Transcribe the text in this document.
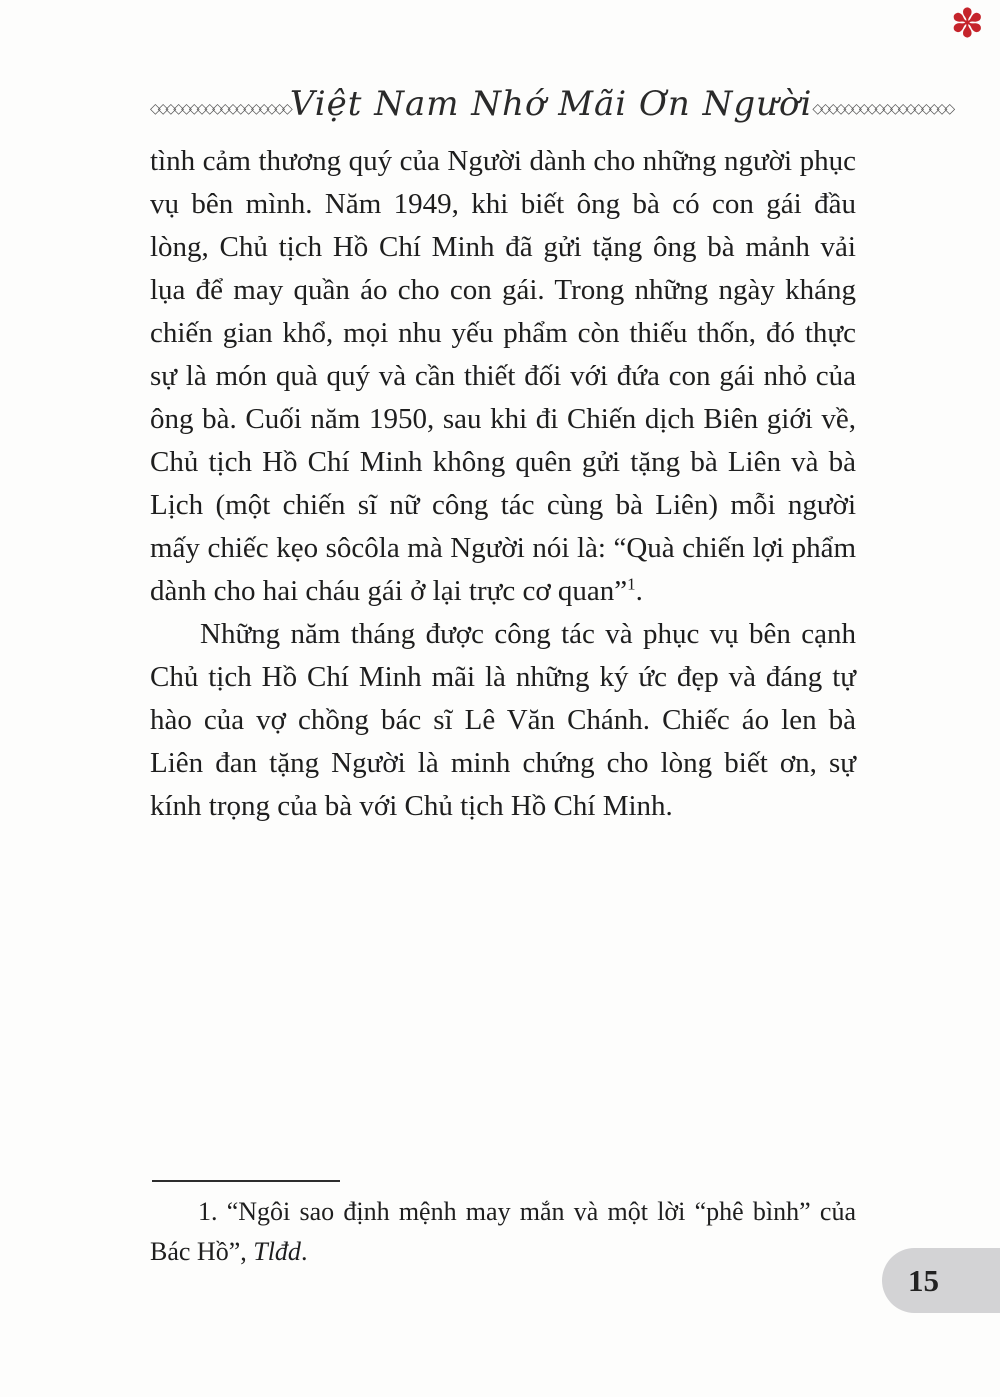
✽
◇◇◇◇◇◇◇◇◇◇◇◇◇◇◇◇◇◇ Việt Nam Nhớ Mãi Ơn Người ◇◇◇◇◇◇◇◇◇◇◇◇◇◇◇◇◇◇

tình cảm thương quý của Người dành cho những người phục vụ bên mình. Năm 1949, khi biết ông bà có con gái đầu lòng, Chủ tịch Hồ Chí Minh đã gửi tặng ông bà mảnh vải lụa để may quần áo cho con gái. Trong những ngày kháng chiến gian khổ, mọi nhu yếu phẩm còn thiếu thốn, đó thực sự là món quà quý và cần thiết đối với đứa con gái nhỏ của ông bà. Cuối năm 1950, sau khi đi Chiến dịch Biên giới về, Chủ tịch Hồ Chí Minh không quên gửi tặng bà Liên và bà Lịch (một chiến sĩ nữ công tác cùng bà Liên) mỗi người mấy chiếc kẹo sôcôla mà Người nói là: “Quà chiến lợi phẩm dành cho hai cháu gái ở lại trực cơ quan”$^1$.

Những năm tháng được công tác và phục vụ bên cạnh Chủ tịch Hồ Chí Minh mãi là những ký ức đẹp và đáng tự hào của vợ chồng bác sĩ Lê Văn Chánh. Chiếc áo len bà Liên đan tặng Người là minh chứng cho lòng biết ơn, sự kính trọng của bà với Chủ tịch Hồ Chí Minh.

1. “Ngôi sao định mệnh may mắn và một lời “phê bình” của Bác Hồ”, Tlđd.

15
